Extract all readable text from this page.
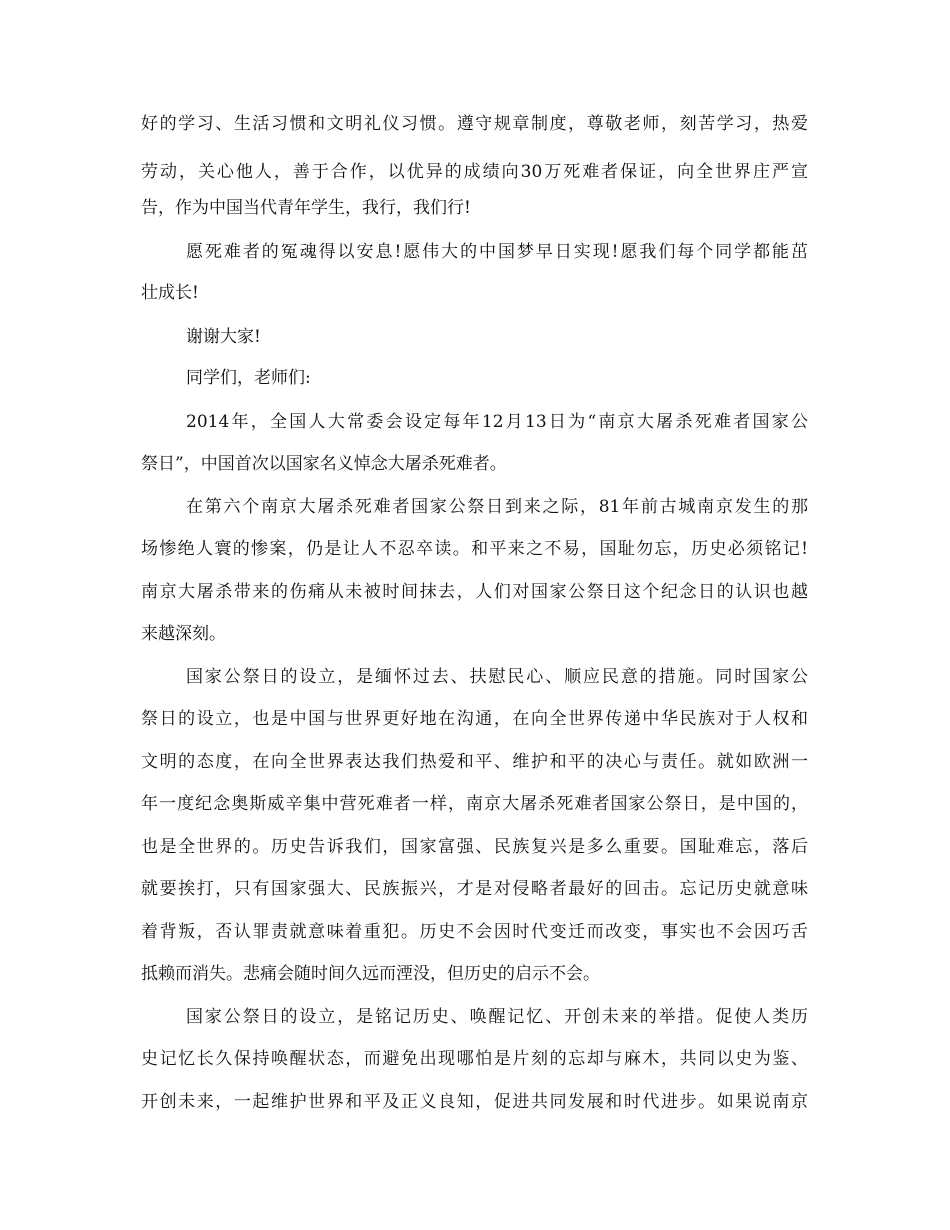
好的学习、生活习惯和文明礼仪习惯。遵守规章制度，尊敬老师，刻苦学习，热爱
劳动，关心他人，善于合作，以优异的成绩向30万死难者保证，向全世界庄严宣
告，作为中国当代青年学生，我行，我们行!
愿死难者的冤魂得以安息!愿伟大的中国梦早日实现!愿我们每个同学都能茁
壮成长!
谢谢大家!
同学们，老师们:
2014年，全国人大常委会设定每年12月13日为“南京大屠杀死难者国家公
祭日”，中国首次以国家名义悼念大屠杀死难者。
在第六个南京大屠杀死难者国家公祭日到来之际，81年前古城南京发生的那
场惨绝人寰的惨案，仍是让人不忍卒读。和平来之不易，国耻勿忘，历史必须铭记!
南京大屠杀带来的伤痛从未被时间抹去，人们对国家公祭日这个纪念日的认识也越
来越深刻。
国家公祭日的设立，是缅怀过去、扶慰民心、顺应民意的措施。同时国家公
祭日的设立，也是中国与世界更好地在沟通，在向全世界传递中华民族对于人权和
文明的态度，在向全世界表达我们热爱和平、维护和平的决心与责任。就如欧洲一
年一度纪念奥斯威辛集中营死难者一样，南京大屠杀死难者国家公祭日，是中国的，
也是全世界的。历史告诉我们，国家富强、民族复兴是多么重要。国耻难忘，落后
就要挨打，只有国家强大、民族振兴，才是对侵略者最好的回击。忘记历史就意味
着背叛，否认罪责就意味着重犯。历史不会因时代变迁而改变，事实也不会因巧舌
抵赖而消失。悲痛会随时间久远而湮没，但历史的启示不会。
国家公祭日的设立，是铭记历史、唤醒记忆、开创未来的举措。促使人类历
史记忆长久保持唤醒状态，而避免出现哪怕是片刻的忘却与麻木，共同以史为鉴、
开创未来，一起维护世界和平及正义良知，促进共同发展和时代进步。如果说南京
